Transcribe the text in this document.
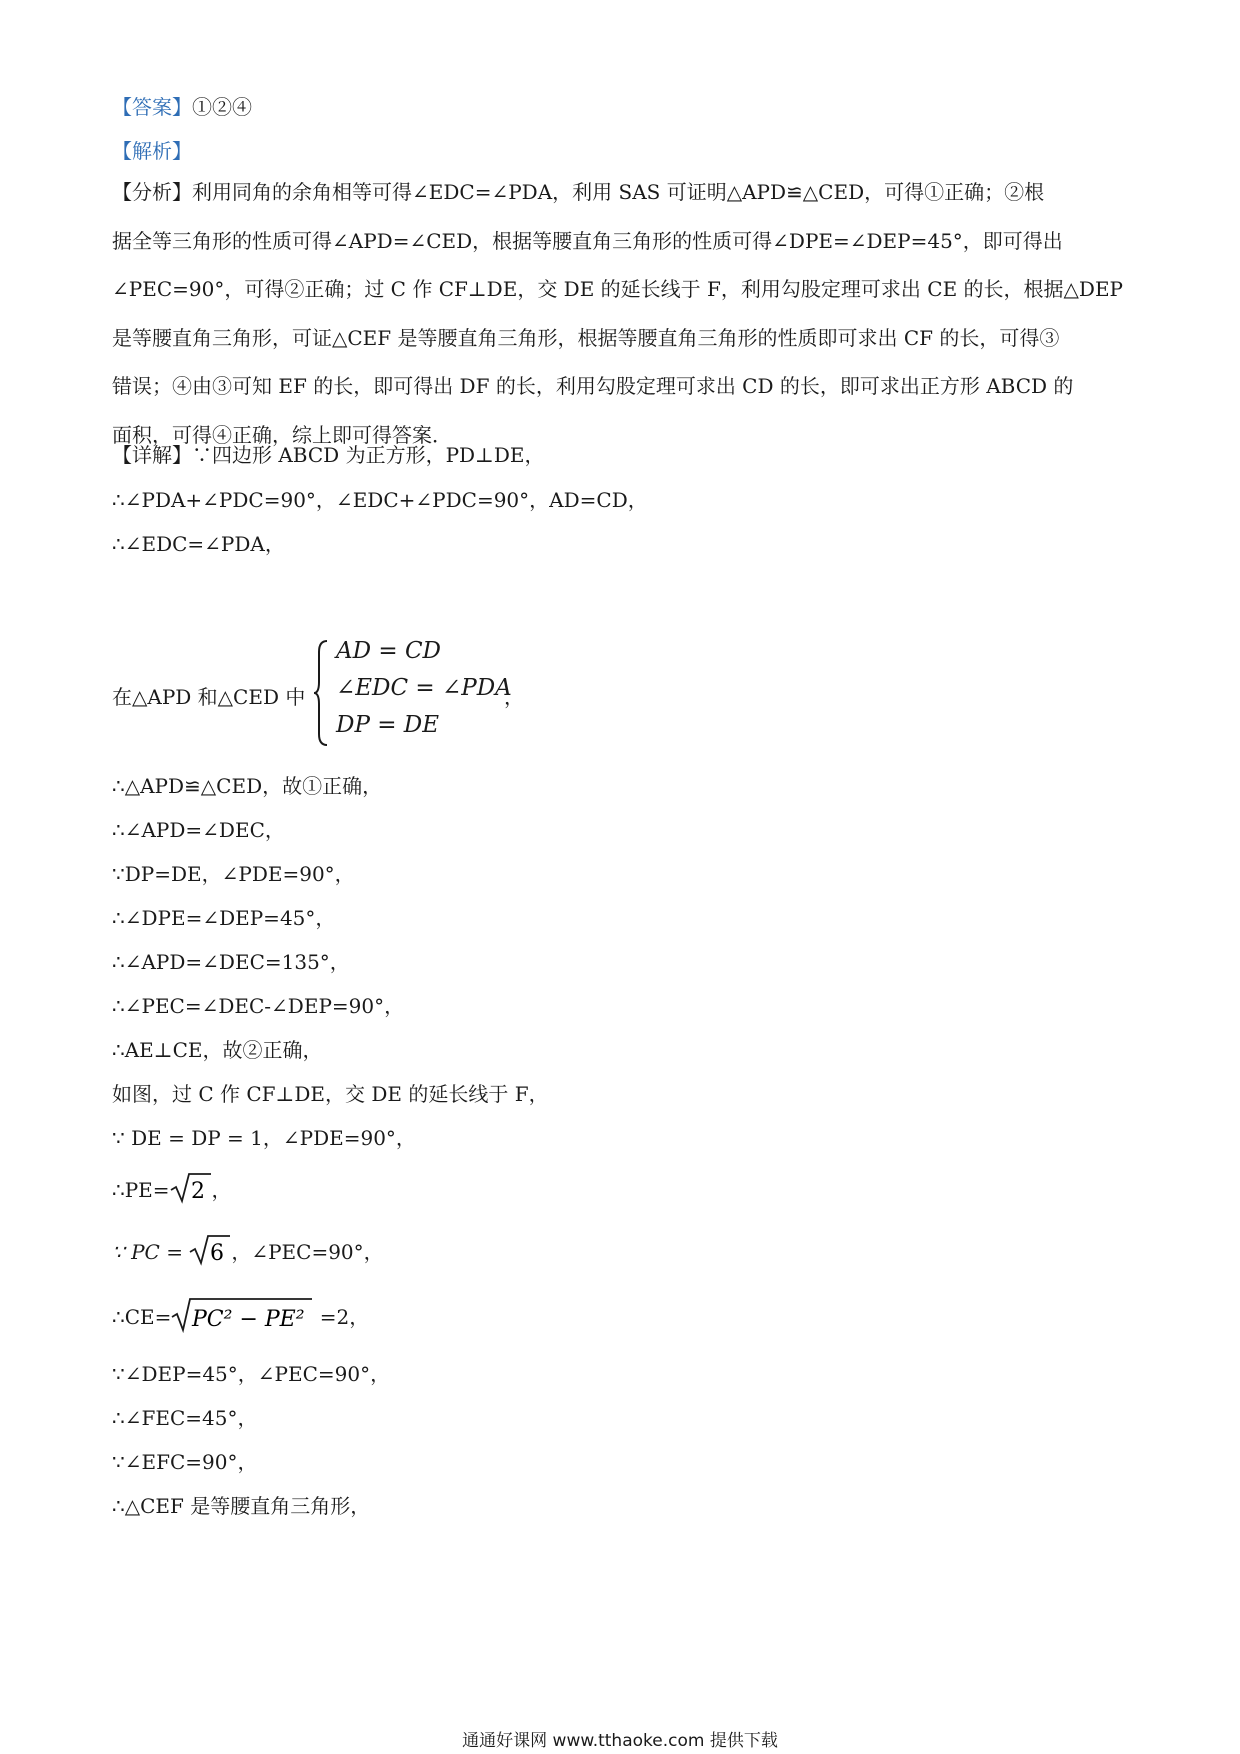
【答案】①②④
【解析】
【分析】利用同角的余角相等可得∠EDC=∠PDA，利用 SAS 可证明△APD≌△CED，可得①正确；②根
据全等三角形的性质可得∠APD=∠CED，根据等腰直角三角形的性质可得∠DPE=∠DEP=45°，即可得出
∠PEC=90°，可得②正确；过 C 作 CF⊥DE，交 DE 的延长线于 F，利用勾股定理可求出 CE 的长，根据△DEP
是等腰直角三角形，可证△CEF 是等腰直角三角形，根据等腰直角三角形的性质即可求出 CF 的长，可得③
错误；④由③可知 EF 的长，即可得出 DF 的长，利用勾股定理可求出 CD 的长，即可求出正方形 ABCD 的
面积，可得④正确，综上即可得答案．
【详解】∵四边形 ABCD 为正方形，PD⊥DE，
∴∠PDA+∠PDC=90°，∠EDC+∠PDC=90°，AD=CD，
∴∠EDC=∠PDA，
在△APD 和△CED 中
AD = CD
∠EDC = ∠PDA
DP = DE
，
∴△APD≌△CED，故①正确，
∴∠APD=∠DEC，
∵DP=DE，∠PDE=90°，
∴∠DPE=∠DEP=45°，
∴∠APD=∠DEC=135°，
∴∠PEC=∠DEC-∠DEP=90°，
∴AE⊥CE，故②正确，
如图，过 C 作 CF⊥DE，交 DE 的延长线于 F，
∵ DE = DP = 1，∠PDE=90°，
∴PE= 2 ，
∵ PC = 6 ，∠PEC=90°，
∴CE= PC² − PE² =2，
∵∠DEP=45°，∠PEC=90°，
∴∠FEC=45°，
∵∠EFC=90°，
∴△CEF 是等腰直角三角形，
通通好课网 www.tthaoke.com 提供下载
